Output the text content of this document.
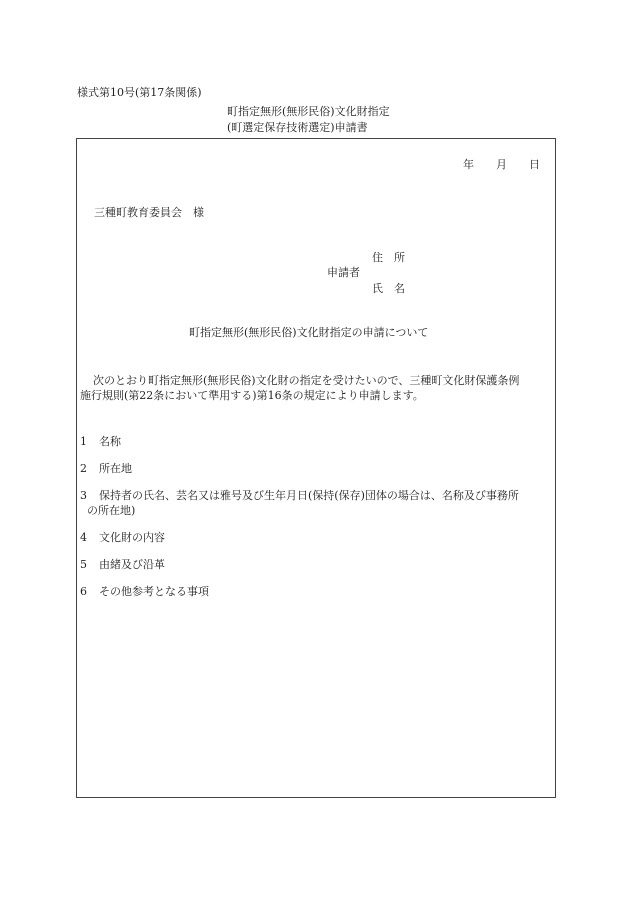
様式第10号(第17条関係)
町指定無形(無形民俗)文化財指定
(町選定保存技術選定)申請書
年 月 日
三種町教育委員会　様
住　所
申請者
氏　名
町指定無形(無形民俗)文化財指定の申請について
次のとおり町指定無形(無形民俗)文化財の指定を受けたいので、三種町文化財保護条例
施行規則(第22条において準用する)第16条の規定により申請します。
1 名称
2 所在地
3 保持者の氏名、芸名又は雅号及び生年月日(保持(保存)団体の場合は、名称及び事務所
の所在地)
4 文化財の内容
5 由緒及び沿革
6 その他参考となる事項
